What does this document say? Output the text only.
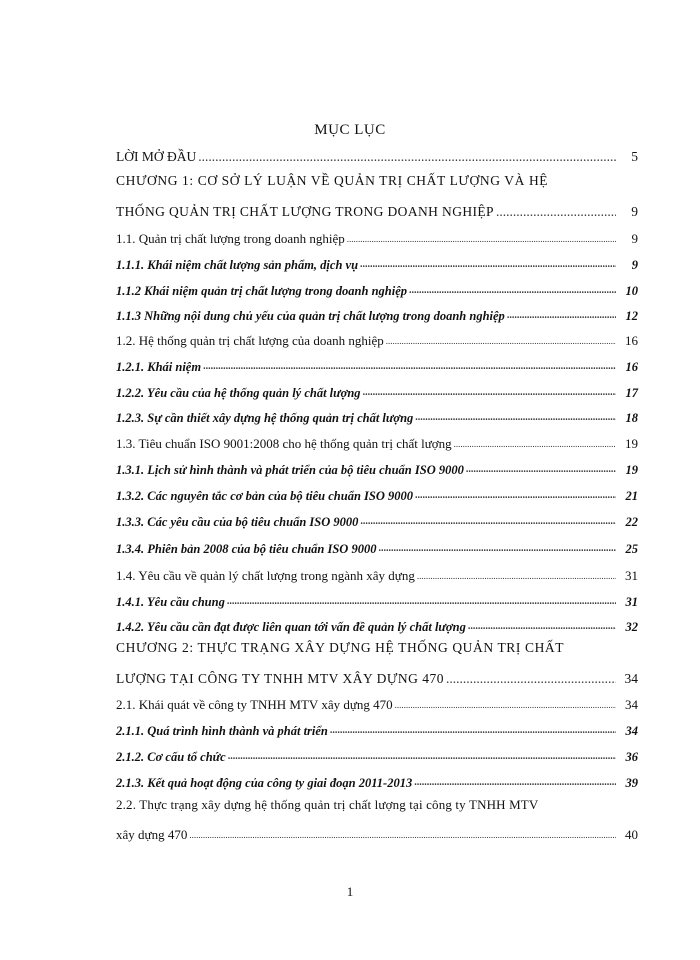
MỤC LỤC
LỜI MỞ ĐẦU .....	5
CHƯƠNG 1: CƠ SỞ LÝ LUẬN VỀ QUẢN TRỊ CHẤT LƯỢNG VÀ HỆ
THỐNG QUẢN TRỊ CHẤT LƯỢNG TRONG DOANH NGHIỆP .....	9
1.1. Quản trị chất lượng trong doanh nghiệp .....	9
1.1.1. Khái niệm chất lượng sản phẩm, dịch vụ .....	9
1.1.2 Khái niệm quản trị chất lượng trong doanh nghiệp .....	10
1.1.3 Những nội dung chủ yếu của quản trị chất lượng trong doanh nghiệp .....	12
1.2. Hệ thống quản trị chất lượng của doanh nghiệp .....	16
1.2.1. Khái niệm .....	16
1.2.2. Yêu cầu của hệ thống quản lý chất lượng .....	17
1.2.3. Sự cần thiết xây dựng hệ thống quản trị chất lượng .....	18
1.3. Tiêu chuẩn ISO 9001:2008 cho hệ thống quản trị chất lượng .....	19
1.3.1. Lịch sử hình thành và phát triển của bộ tiêu chuẩn ISO 9000 .....	19
1.3.2. Các nguyên tắc cơ bản của bộ tiêu chuẩn ISO 9000 .....	21
1.3.3. Các yêu cầu của bộ tiêu chuẩn ISO 9000 .....	22
1.3.4. Phiên bản 2008 của bộ tiêu chuẩn ISO 9000 .....	25
1.4. Yêu cầu về quản lý chất lượng trong ngành xây dựng .....	31
1.4.1. Yêu cầu chung .....	31
1.4.2. Yêu cầu cần đạt được liên quan tới vấn đề quản lý chất lượng .....	32
CHƯƠNG 2: THỰC TRẠNG XÂY DỰNG HỆ THỐNG QUẢN TRỊ CHẤT
LƯỢNG TẠI CÔNG TY TNHH MTV XÂY DỰNG 470 .....	34
2.1. Khái quát về công ty TNHH MTV xây dựng 470 .....	34
2.1.1. Quá trình hình thành và phát triển .....	34
2.1.2. Cơ cấu tổ chức .....	36
2.1.3. Kết quả hoạt động của công ty giai đoạn 2011-2013 .....	39
2.2. Thực trạng xây dựng hệ thống quản trị chất lượng tại công ty TNHH MTV
xây dựng 470 .....	40
1
